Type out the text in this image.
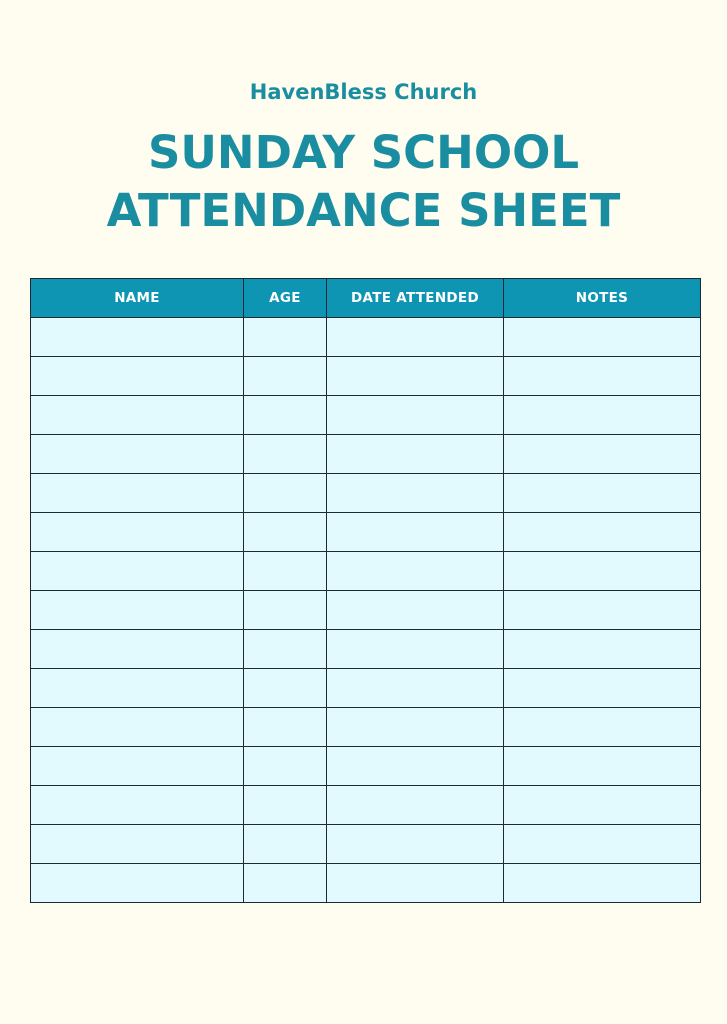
HavenBless Church
SUNDAY SCHOOL
ATTENDANCE SHEET
NAME	AGE	DATE ATTENDED	NOTES
